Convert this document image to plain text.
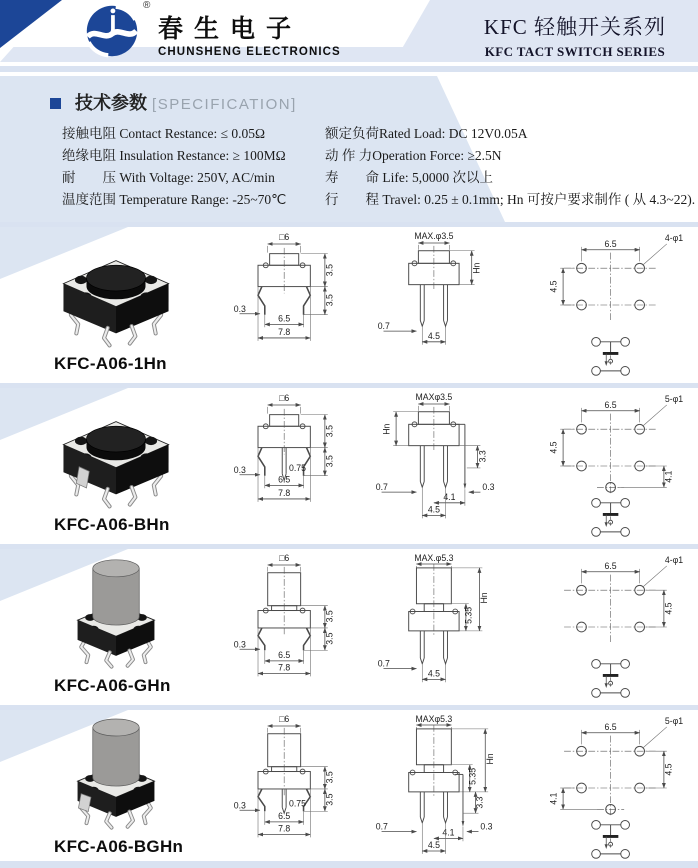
®
春生电子
CHUNSHENG ELECTRONICS
KFC 轻触开关系列
KFC TACT SWITCH SERIES
技术参数 [SPECIFICATION]
接触电阻 Contact Restance: ≤ 0.05Ω
绝缘电阻 Insulation Restance: ≥ 100MΩ
耐　　压 With Voltage: 250V, AC/min
温度范围 Temperature Range: -25~70℃
额定负荷Rated Load: DC 12V0.05A
动 作 力Operation Force: ≥2.5N
寿　　命 Life: 5,0000 次以上
行　　程 Travel: 0.25 ± 0.1mm; Hn 可按户要求制作 ( 从 4.3~22).
KFC-A06-1Hn
□6
3.5
3.5
0.3
6.5
7.8
MAX.φ3.5
Hn
0.7
4.5
6.5
4.5
4-φ1
KFC-A06-BHn
□6
3.5
3.5
0.75
0.3
6.5
7.8
MAXφ3.5
Hn
3.3
0.7	0.3
4.1
4.5
6.5
4.5
4.1
5-φ1
KFC-A06-GHn
□6
3.5
3.5
0.3
6.5
7.8
MAX.φ5.3
Hn
5.35
0.7
4.5
6.5
4.5
4-φ1
KFC-A06-BGHn
□6
3.5
3.5
0.75
0.3
6.5
7.8
MAXφ5.3
Hn
5.35
3.3
0.7	0.3
4.1
4.5
6.5
4.1
4.5
5-φ1
